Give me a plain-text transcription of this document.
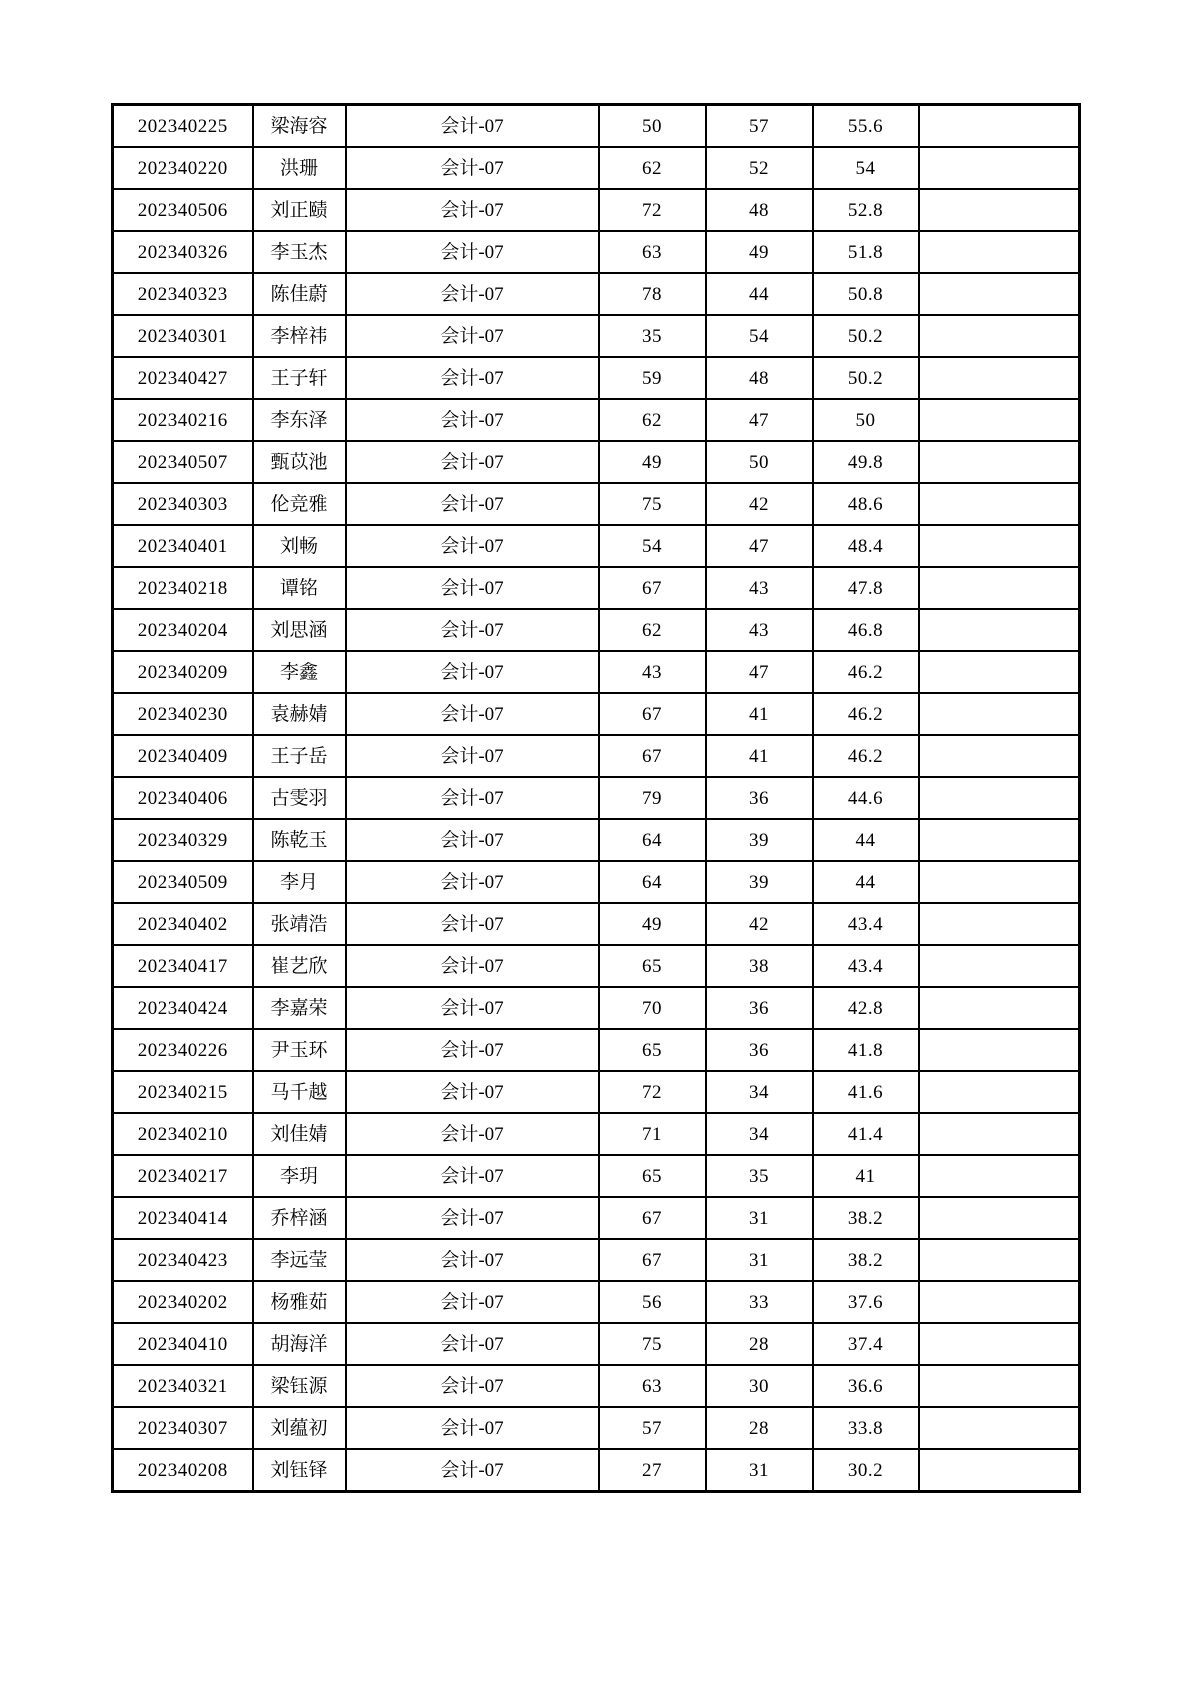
202340225	梁海容	会计-07	50	57	55.6	
202340220	洪珊	会计-07	62	52	54	
202340506	刘正赜	会计-07	72	48	52.8	
202340326	李玉杰	会计-07	63	49	51.8	
202340323	陈佳蔚	会计-07	78	44	50.8	
202340301	李梓祎	会计-07	35	54	50.2	
202340427	王子轩	会计-07	59	48	50.2	
202340216	李东泽	会计-07	62	47	50	
202340507	甄苡池	会计-07	49	50	49.8	
202340303	伦竞雅	会计-07	75	42	48.6	
202340401	刘畅	会计-07	54	47	48.4	
202340218	谭铭	会计-07	67	43	47.8	
202340204	刘思涵	会计-07	62	43	46.8	
202340209	李鑫	会计-07	43	47	46.2	
202340230	袁赫婧	会计-07	67	41	46.2	
202340409	王子岳	会计-07	67	41	46.2	
202340406	古雯羽	会计-07	79	36	44.6	
202340329	陈乾玉	会计-07	64	39	44	
202340509	李月	会计-07	64	39	44	
202340402	张靖浩	会计-07	49	42	43.4	
202340417	崔艺欣	会计-07	65	38	43.4	
202340424	李嘉荣	会计-07	70	36	42.8	
202340226	尹玉环	会计-07	65	36	41.8	
202340215	马千越	会计-07	72	34	41.6	
202340210	刘佳婧	会计-07	71	34	41.4	
202340217	李玥	会计-07	65	35	41	
202340414	乔梓涵	会计-07	67	31	38.2	
202340423	李远莹	会计-07	67	31	38.2	
202340202	杨雅茹	会计-07	56	33	37.6	
202340410	胡海洋	会计-07	75	28	37.4	
202340321	梁钰源	会计-07	63	30	36.6	
202340307	刘蕴初	会计-07	57	28	33.8	
202340208	刘钰铎	会计-07	27	31	30.2	
